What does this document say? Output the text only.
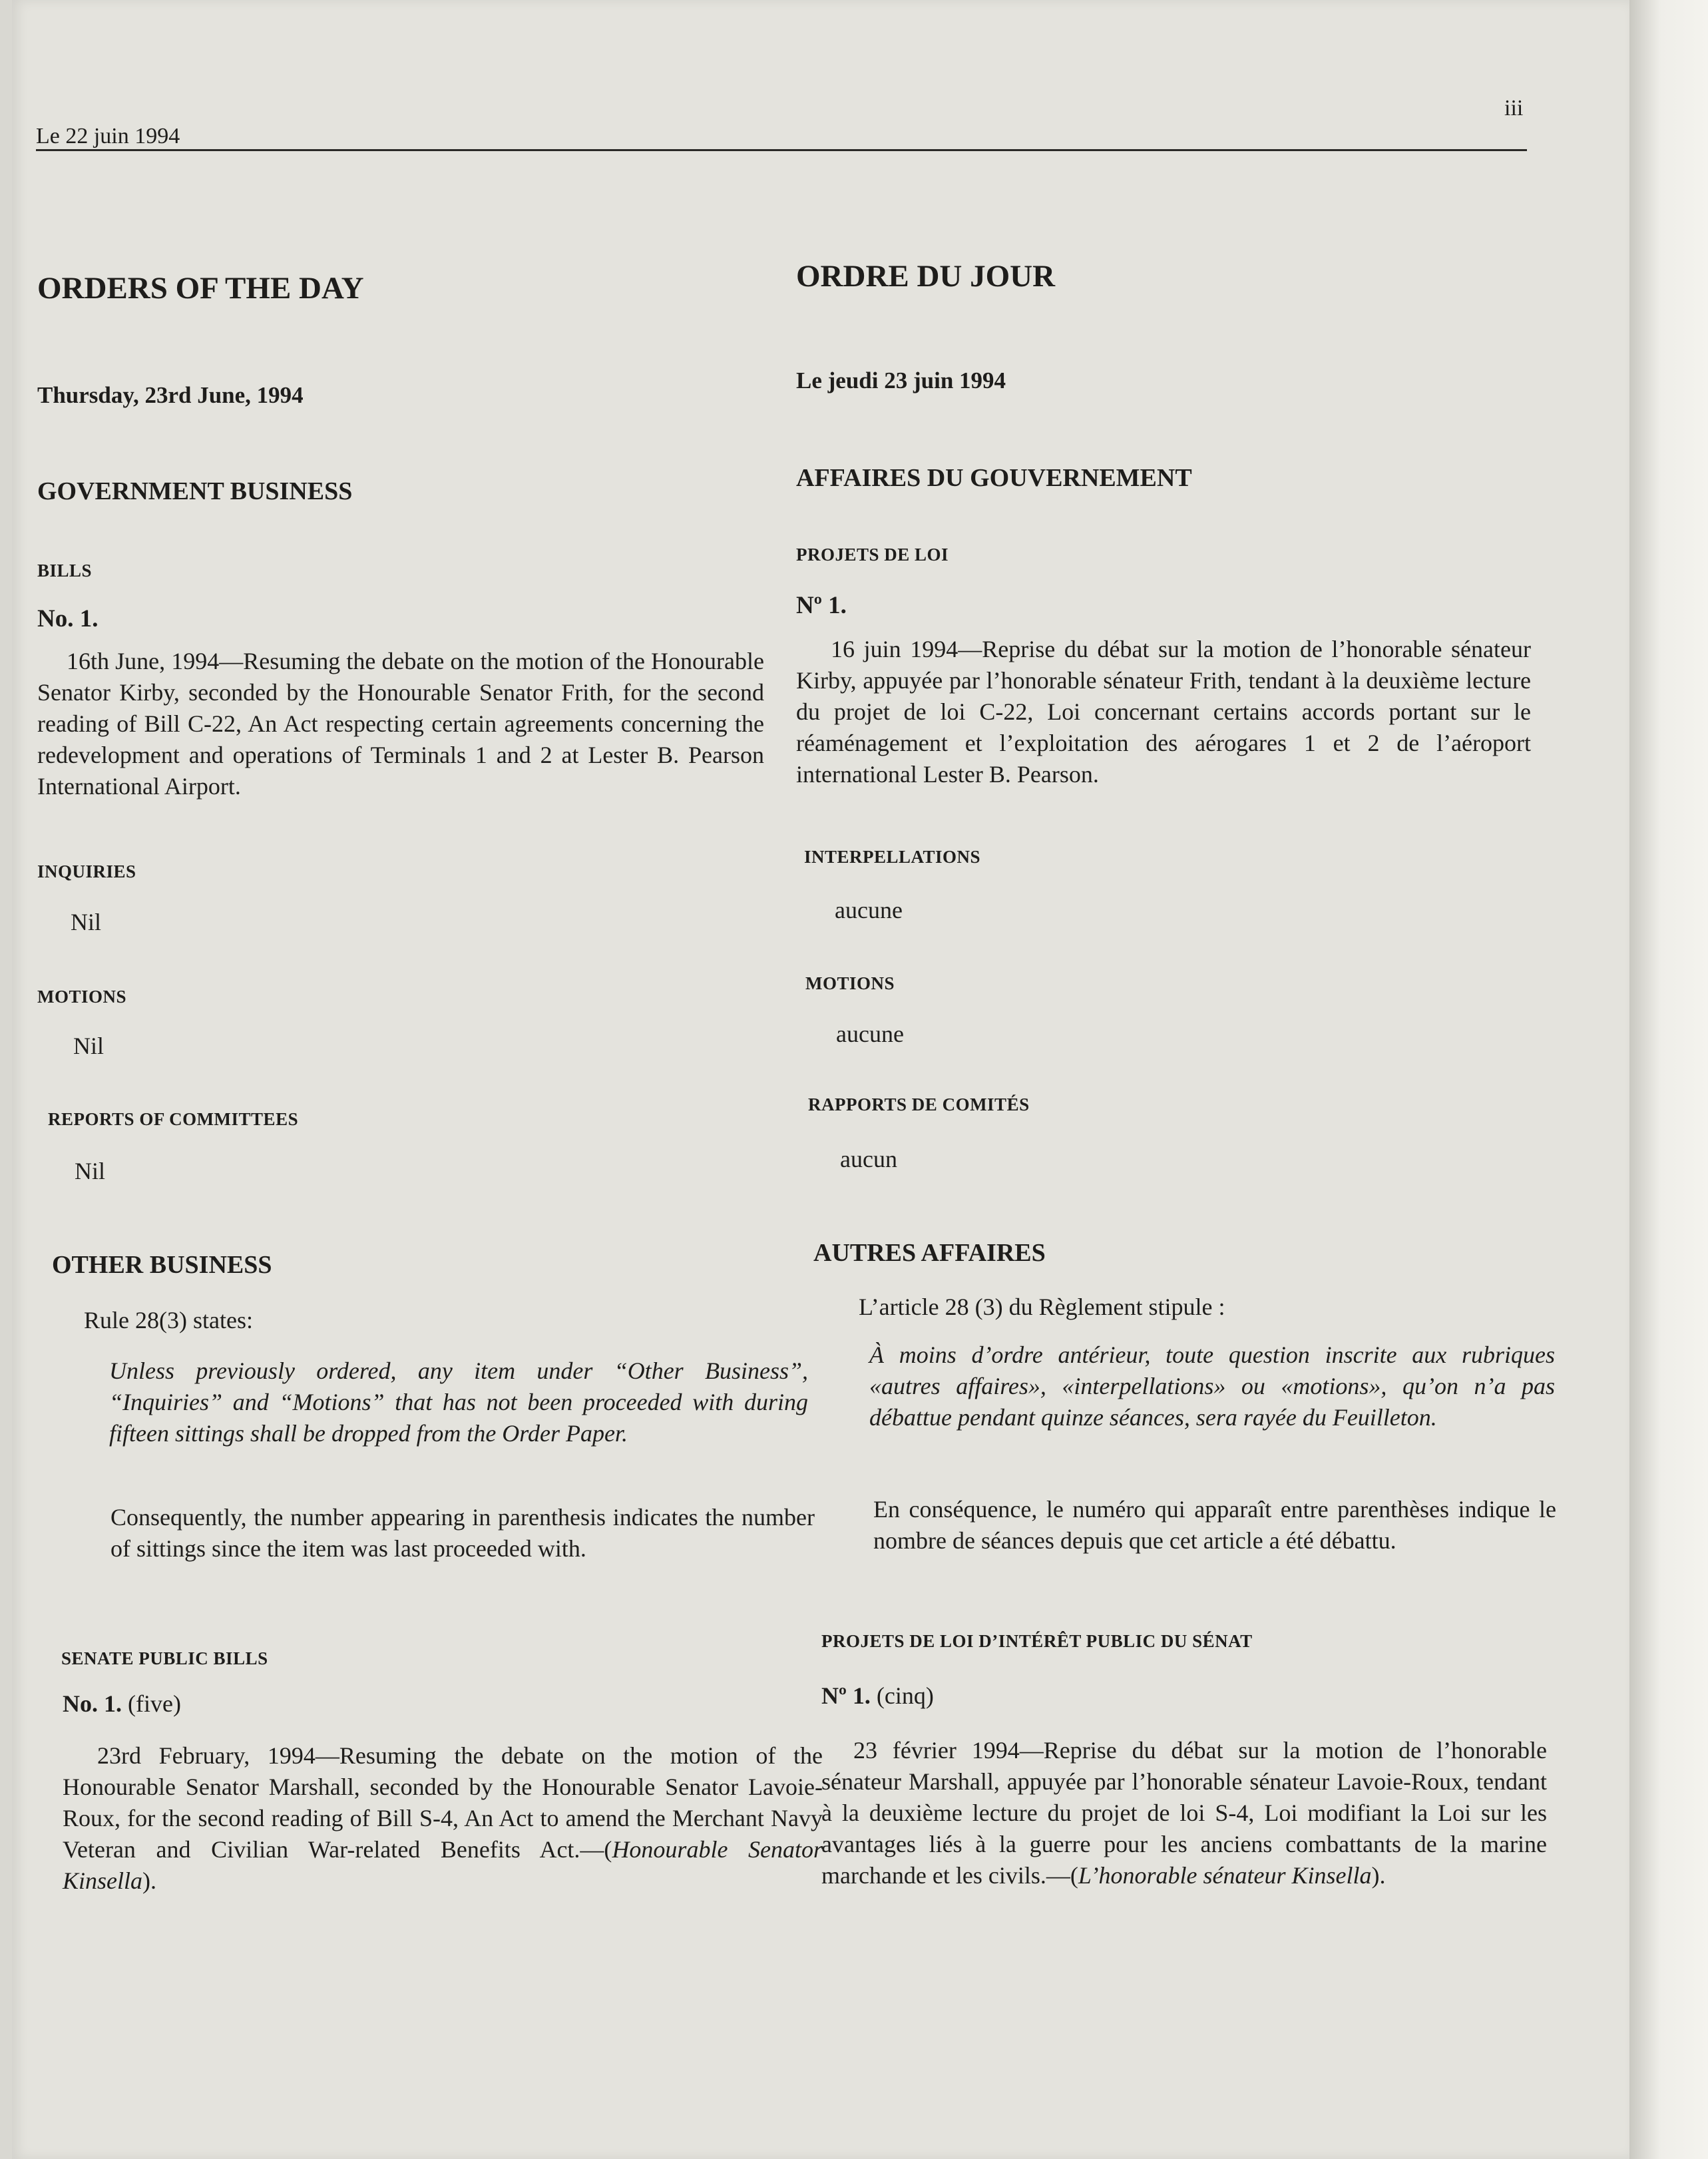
Le 22 juin 1994
iii
ORDERS OF THE DAY
Thursday, 23rd June, 1994
GOVERNMENT BUSINESS
BILLS
No. 1.
16th June, 1994—Resuming the debate on the motion of the Honourable Senator Kirby, seconded by the Honourable Senator Frith, for the second reading of Bill C-22, An Act respecting certain agreements concerning the redevelopment and operations of Terminals 1 and 2 at Lester B. Pearson International Airport.
INQUIRIES
Nil
MOTIONS
Nil
REPORTS OF COMMITTEES
Nil
OTHER BUSINESS
Rule 28(3) states:
Unless previously ordered, any item under “Other Business”, “Inquiries” and “Motions” that has not been proceeded with during fifteen sittings shall be dropped from the Order Paper.
Consequently, the number appearing in parenthesis indicates the number of sittings since the item was last proceeded with.
SENATE PUBLIC BILLS
No. 1. (five)
23rd February, 1994—Resuming the debate on the motion of the Honourable Senator Marshall, seconded by the Honourable Senator Lavoie-Roux, for the second reading of Bill S-4, An Act to amend the Merchant Navy Veteran and Civilian War-related Benefits Act.—(Honourable Senator Kinsella).
ORDRE DU JOUR
Le jeudi 23 juin 1994
AFFAIRES DU GOUVERNEMENT
PROJETS DE LOI
Nº 1.
16 juin 1994—Reprise du débat sur la motion de l’honorable sénateur Kirby, appuyée par l’honorable sénateur Frith, tendant à la deuxième lecture du projet de loi C-22, Loi concernant certains accords portant sur le réaménagement et l’exploitation des aérogares 1 et 2 de l’aéroport international Lester B. Pearson.
INTERPELLATIONS
aucune
MOTIONS
aucune
RAPPORTS DE COMITÉS
aucun
AUTRES AFFAIRES
L’article 28 (3) du Règlement stipule :
À moins d’ordre antérieur, toute question inscrite aux rubriques «autres affaires», «interpellations» ou «motions», qu’on n’a pas débattue pendant quinze séances, sera rayée du Feuilleton.
En conséquence, le numéro qui apparaît entre parenthèses indique le nombre de séances depuis que cet article a été débattu.
PROJETS DE LOI D’INTÉRÊT PUBLIC DU SÉNAT
Nº 1. (cinq)
23 février 1994—Reprise du débat sur la motion de l’honorable sénateur Marshall, appuyée par l’honorable sénateur Lavoie-Roux, tendant à la deuxième lecture du projet de loi S-4, Loi modifiant la Loi sur les avantages liés à la guerre pour les anciens combattants de la marine marchande et les civils.—(L’honorable sénateur Kinsella).
